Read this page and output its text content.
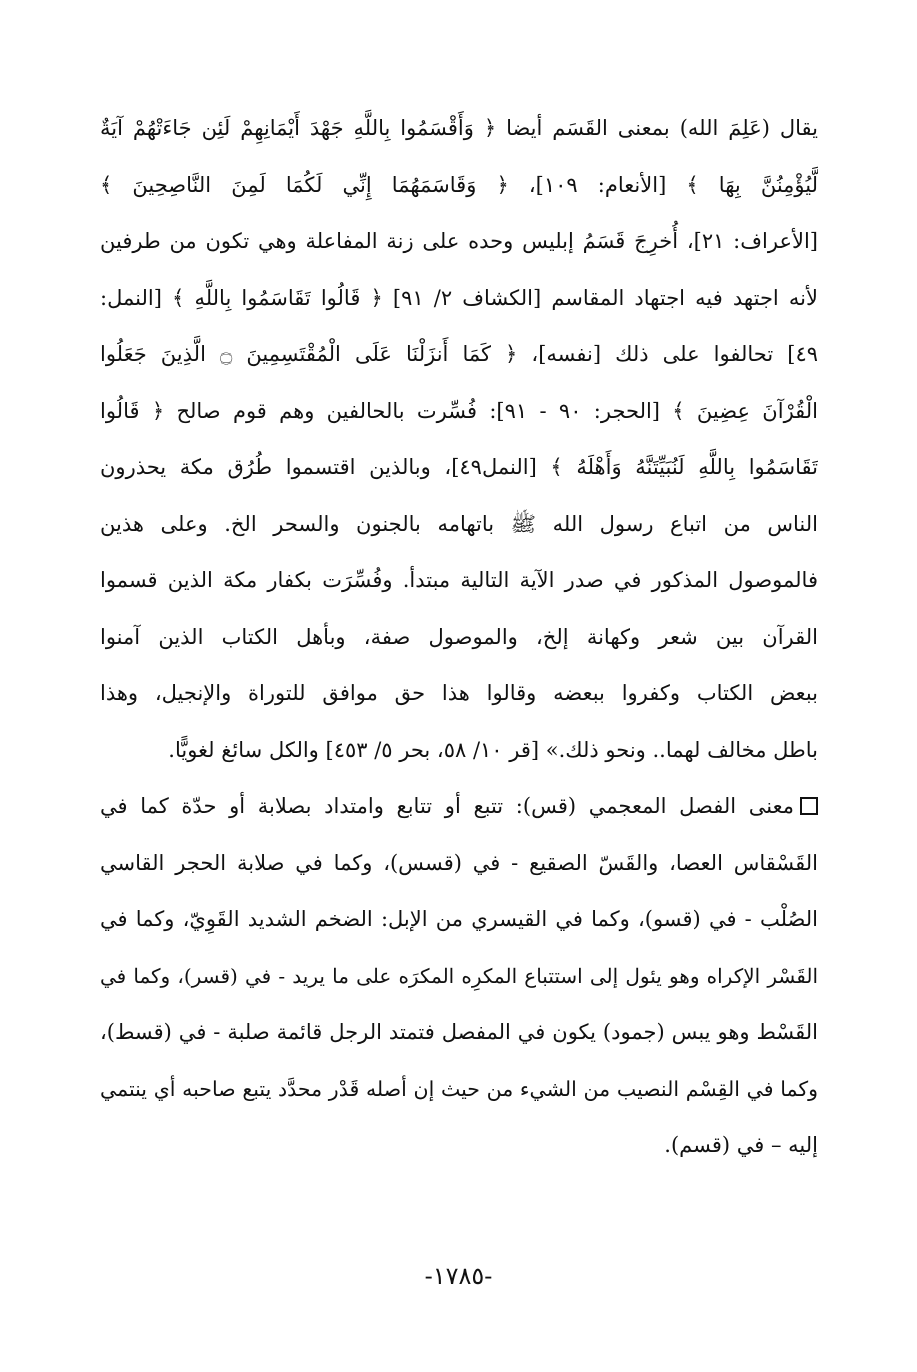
يقال (عَلِمَ الله) بمعنى القَسَم أيضا ﴿ وَأَقْسَمُوا بِاللَّهِ جَهْدَ أَيْمَانِهِمْ لَئِن جَاءَتْهُمْ آيَةٌ
لَّيُؤْمِنُنَّ بِهَا ﴾ [الأنعام: ١٠٩]، ﴿ وَقَاسَمَهُمَا إِنِّي لَكُمَا لَمِنَ النَّاصِحِينَ ﴾
[الأعراف: ٢١]، أُخرِجَ قَسَمُ إبليس وحده على زنة المفاعلة وهي تكون من طرفين
لأنه اجتهد فيه اجتهاد المقاسم [الكشاف ٢/ ٩١] ﴿ قَالُوا تَقَاسَمُوا بِاللَّهِ ﴾ [النمل:
٤٩] تحالفوا على ذلك [نفسه]، ﴿ كَمَا أَنزَلْنَا عَلَى الْمُقْتَسِمِينَ ۝ الَّذِينَ جَعَلُوا
الْقُرْآنَ عِضِينَ ﴾ [الحجر: ٩٠ - ٩١]: فُسِّرت بالحالفين وهم قوم صالح ﴿ قَالُوا
تَقَاسَمُوا بِاللَّهِ لَنُبَيِّتَنَّهُ وَأَهْلَهُ ﴾ [النمل٤٩]، وبالذين اقتسموا طُرُق مكة يحذرون
الناس من اتباع رسول الله ﷺ باتهامه بالجنون والسحر الخ. وعلى هذين
فالموصول المذكور في صدر الآية التالية مبتدأ. وفُسِّرَت بكفار مكة الذين قسموا
القرآن بين شعر وكهانة إلخ، والموصول صفة، وبأهل الكتاب الذين آمنوا
ببعض الكتاب وكفروا ببعضه وقالوا هذا حق موافق للتوراة والإنجيل، وهذا
باطل مخالف لهما.. ونحو ذلك.» [قر ١٠/ ٥٨، بحر ٥/ ٤٥٣] والكل سائغ لغويًّا.
معنى الفصل المعجمي (قس): تتبع أو تتابع وامتداد بصلابة أو حدّة كما في
القَسْقاس العصا، والقَسّ الصقيع - في (قسس)، وكما في صلابة الحجر القاسي
الصُلْب - في (قسو)، وكما في القيسري من الإبل: الضخم الشديد القَوِيّ، وكما في
القَسْر الإكراه وهو يئول إلى استتباع المكرِه المكرَه على ما يريد - في (قسر)، وكما في
القَسْط وهو يبس (جمود) يكون في المفصل فتمتد الرجل قائمة صلبة - في (قسط)،
وكما في القِسْم النصيب من الشيء من حيث إن أصله قَدْر محدَّد يتبع صاحبه أي ينتمي
إليه – في (قسم).
-١٧٨٥-
